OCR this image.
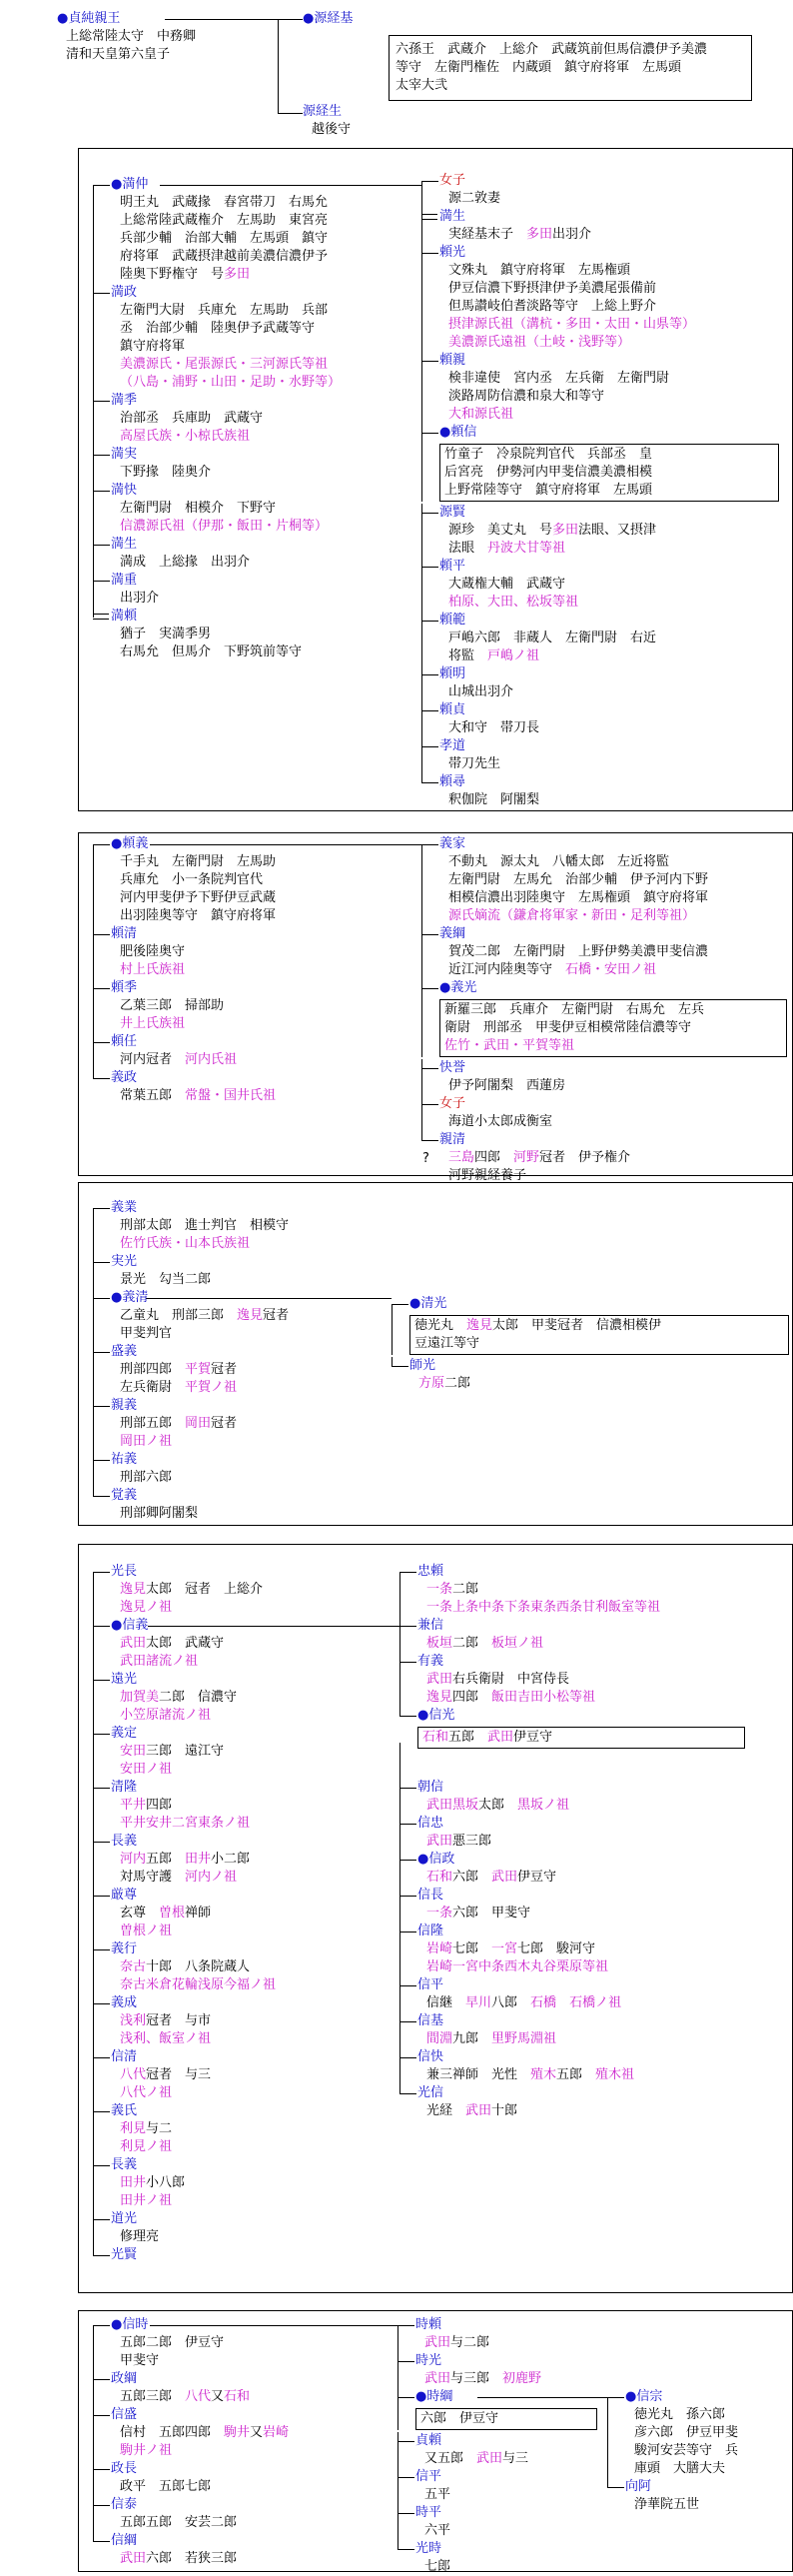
●貞純親王
上総常陸太守　中務卿
清和天皇第六皇子
●源経基
六孫王　武蔵介　上総介　武蔵筑前但馬信濃伊予美濃
等守　左衛門権佐　内蔵頭　鎮守府将軍　左馬頭
太宰大弐
源経生
越後守
●満仲
明王丸　武蔵掾　春宮帯刀　右馬允
上総常陸武蔵権介　左馬助　東宮亮
兵部少輔　治部大輔　左馬頭　鎮守
府将軍　武蔵摂津越前美濃信濃伊予
陸奥下野権守　号多田
満政
左衛門大尉　兵庫允　左馬助　兵部
丞　治部少輔　陸奥伊予武蔵等守
鎮守府将軍
美濃源氏・尾張源氏・三河源氏等祖
（八島・浦野・山田・足助・水野等）
満季
治部丞　兵庫助　武蔵守
高屋氏族・小椋氏族祖
満実
下野掾　陸奥介
満快
左衛門尉　相模介　下野守
信濃源氏祖（伊那・飯田・片桐等）
満生
満成　上総掾　出羽介
満重
出羽介
満頼
猶子　実満季男
右馬允　但馬介　下野筑前等守
女子
源二敦妻
満生
実経基末子　多田出羽介
頼光
文殊丸　鎮守府将軍　左馬権頭
伊豆信濃下野摂津伊予美濃尾張備前
但馬讃岐伯耆淡路等守　上総上野介
摂津源氏祖（溝杭・多田・太田・山県等）
美濃源氏遠祖（土岐・浅野等）
頼親
検非違使　宮内丞　左兵衛　左衛門尉
淡路周防信濃和泉大和等守
大和源氏祖
●頼信
竹童子　冷泉院判官代　兵部丞　皇
后宮亮　伊勢河内甲斐信濃美濃相模
上野常陸等守　鎮守府将軍　左馬頭
源賢
源珍　美丈丸　号多田法眼、又摂津
法眼　丹波犬甘等祖
頼平
大蔵権大輔　武蔵守
柏原、大田、松坂等祖
頼範
戸嶋六郎　非蔵人　左衛門尉　右近
将監　戸嶋ノ祖
頼明
山城出羽介
頼貞
大和守　帯刀長
孝道
帯刀先生
頼尋
釈伽院　阿闍梨
●頼義
千手丸　左衛門尉　左馬助
兵庫允　小一条院判官代
河内甲斐伊予下野伊豆武蔵
出羽陸奥等守　鎮守府将軍
頼清
肥後陸奥守
村上氏族祖
頼季
乙葉三郎　掃部助
井上氏族祖
頼任
河内冠者　河内氏祖
義政
常葉五郎　常盤・国井氏祖
義家
不動丸　源太丸　八幡太郎　左近将監
左衛門尉　左馬允　治部少輔　伊予河内下野
相模信濃出羽陸奥守　左馬権頭　鎮守府将軍
源氏嫡流（鎌倉将軍家・新田・足利等祖）
義綱
賀茂二郎　左衛門尉　上野伊勢美濃甲斐信濃
近江河内陸奥等守　石橋・安田ノ祖
●義光
新羅三郎　兵庫介　左衛門尉　右馬允　左兵
衛尉　刑部丞　甲斐伊豆相模常陸信濃等守
佐竹・武田・平賀等祖
快誉
伊予阿闍梨　西蓮房
女子
海道小太郎成衡室
親清
? 三島四郎　河野冠者　伊予権介
河野親経養子
義業
刑部太郎　進士判官　相模守
佐竹氏族・山本氏族祖
実光
景光　勾当二郎
●義清
乙童丸　刑部三郎　逸見冠者
甲斐判官
盛義
刑部四郎　平賀冠者
左兵衛尉　平賀ノ祖
親義
刑部五郎　岡田冠者
岡田ノ祖
祐義
刑部六郎
覚義
刑部卿阿闍梨
●清光
徳光丸　逸見太郎　甲斐冠者　信濃相模伊
豆遠江等守
師光
方原二郎
光長
逸見太郎　冠者　上総介
逸見ノ祖
●信義
武田太郎　武蔵守
武田諸流ノ祖
遠光
加賀美二郎　信濃守
小笠原諸流ノ祖
義定
安田三郎　遠江守
安田ノ祖
清隆
平井四郎
平井安井二宮東条ノ祖
長義
河内五郎　田井小二郎
対馬守護　河内ノ祖
厳尊
玄尊　曽根禅師
曽根ノ祖
義行
奈古十郎　八条院蔵人
奈古米倉花輪浅原今福ノ祖
義成
浅利冠者　与市
浅利、飯室ノ祖
信清
八代冠者　与三
八代ノ祖
義氏
利見与二
利見ノ祖
長義
田井小八郎
田井ノ祖
道光
修理亮
光賢
忠頼
一条二郎
一条上条中条下条東条西条甘利飯室等祖
兼信
板垣二郎　板垣ノ祖
有義
武田右兵衛尉　中宮侍長
逸見四郎　飯田吉田小松等祖
●信光
石和五郎　武田伊豆守
朝信
武田黒坂太郎　黒坂ノ祖
信忠
武田悪三郎
●信政
石和六郎　武田伊豆守
信長
一条六郎　甲斐守
信隆
岩崎七郎　一宮七郎　駿河守
岩崎一宮中条西木丸谷栗原等祖
信平
信継　早川八郎　石橋　 石橋ノ祖
信基
間淵九郎　里野馬淵祖
信快
兼三禅師　光性　殖木五郎　殖木祖
光信
光経　武田十郎
●信時
五郎二郎　伊豆守
甲斐守
政綱
五郎三郎　八代又石和
信盛
信村　五郎四郎　駒井又岩崎
駒井ノ祖
政長
政平　五郎七郎
信泰
五郎五郎　安芸二郎
信綱
武田六郎　若狭三郎
時頼
武田与二郎
時光
武田与三郎　初鹿野
●時綱
六郎　伊豆守
貞頼
又五郎　武田与三
信平
五平
時平
六平
光時
七郎
●信宗
徳光丸　孫六郎
彦六郎　伊豆甲斐
駿河安芸等守　兵
庫頭　大膳大夫
向阿
浄華院五世
